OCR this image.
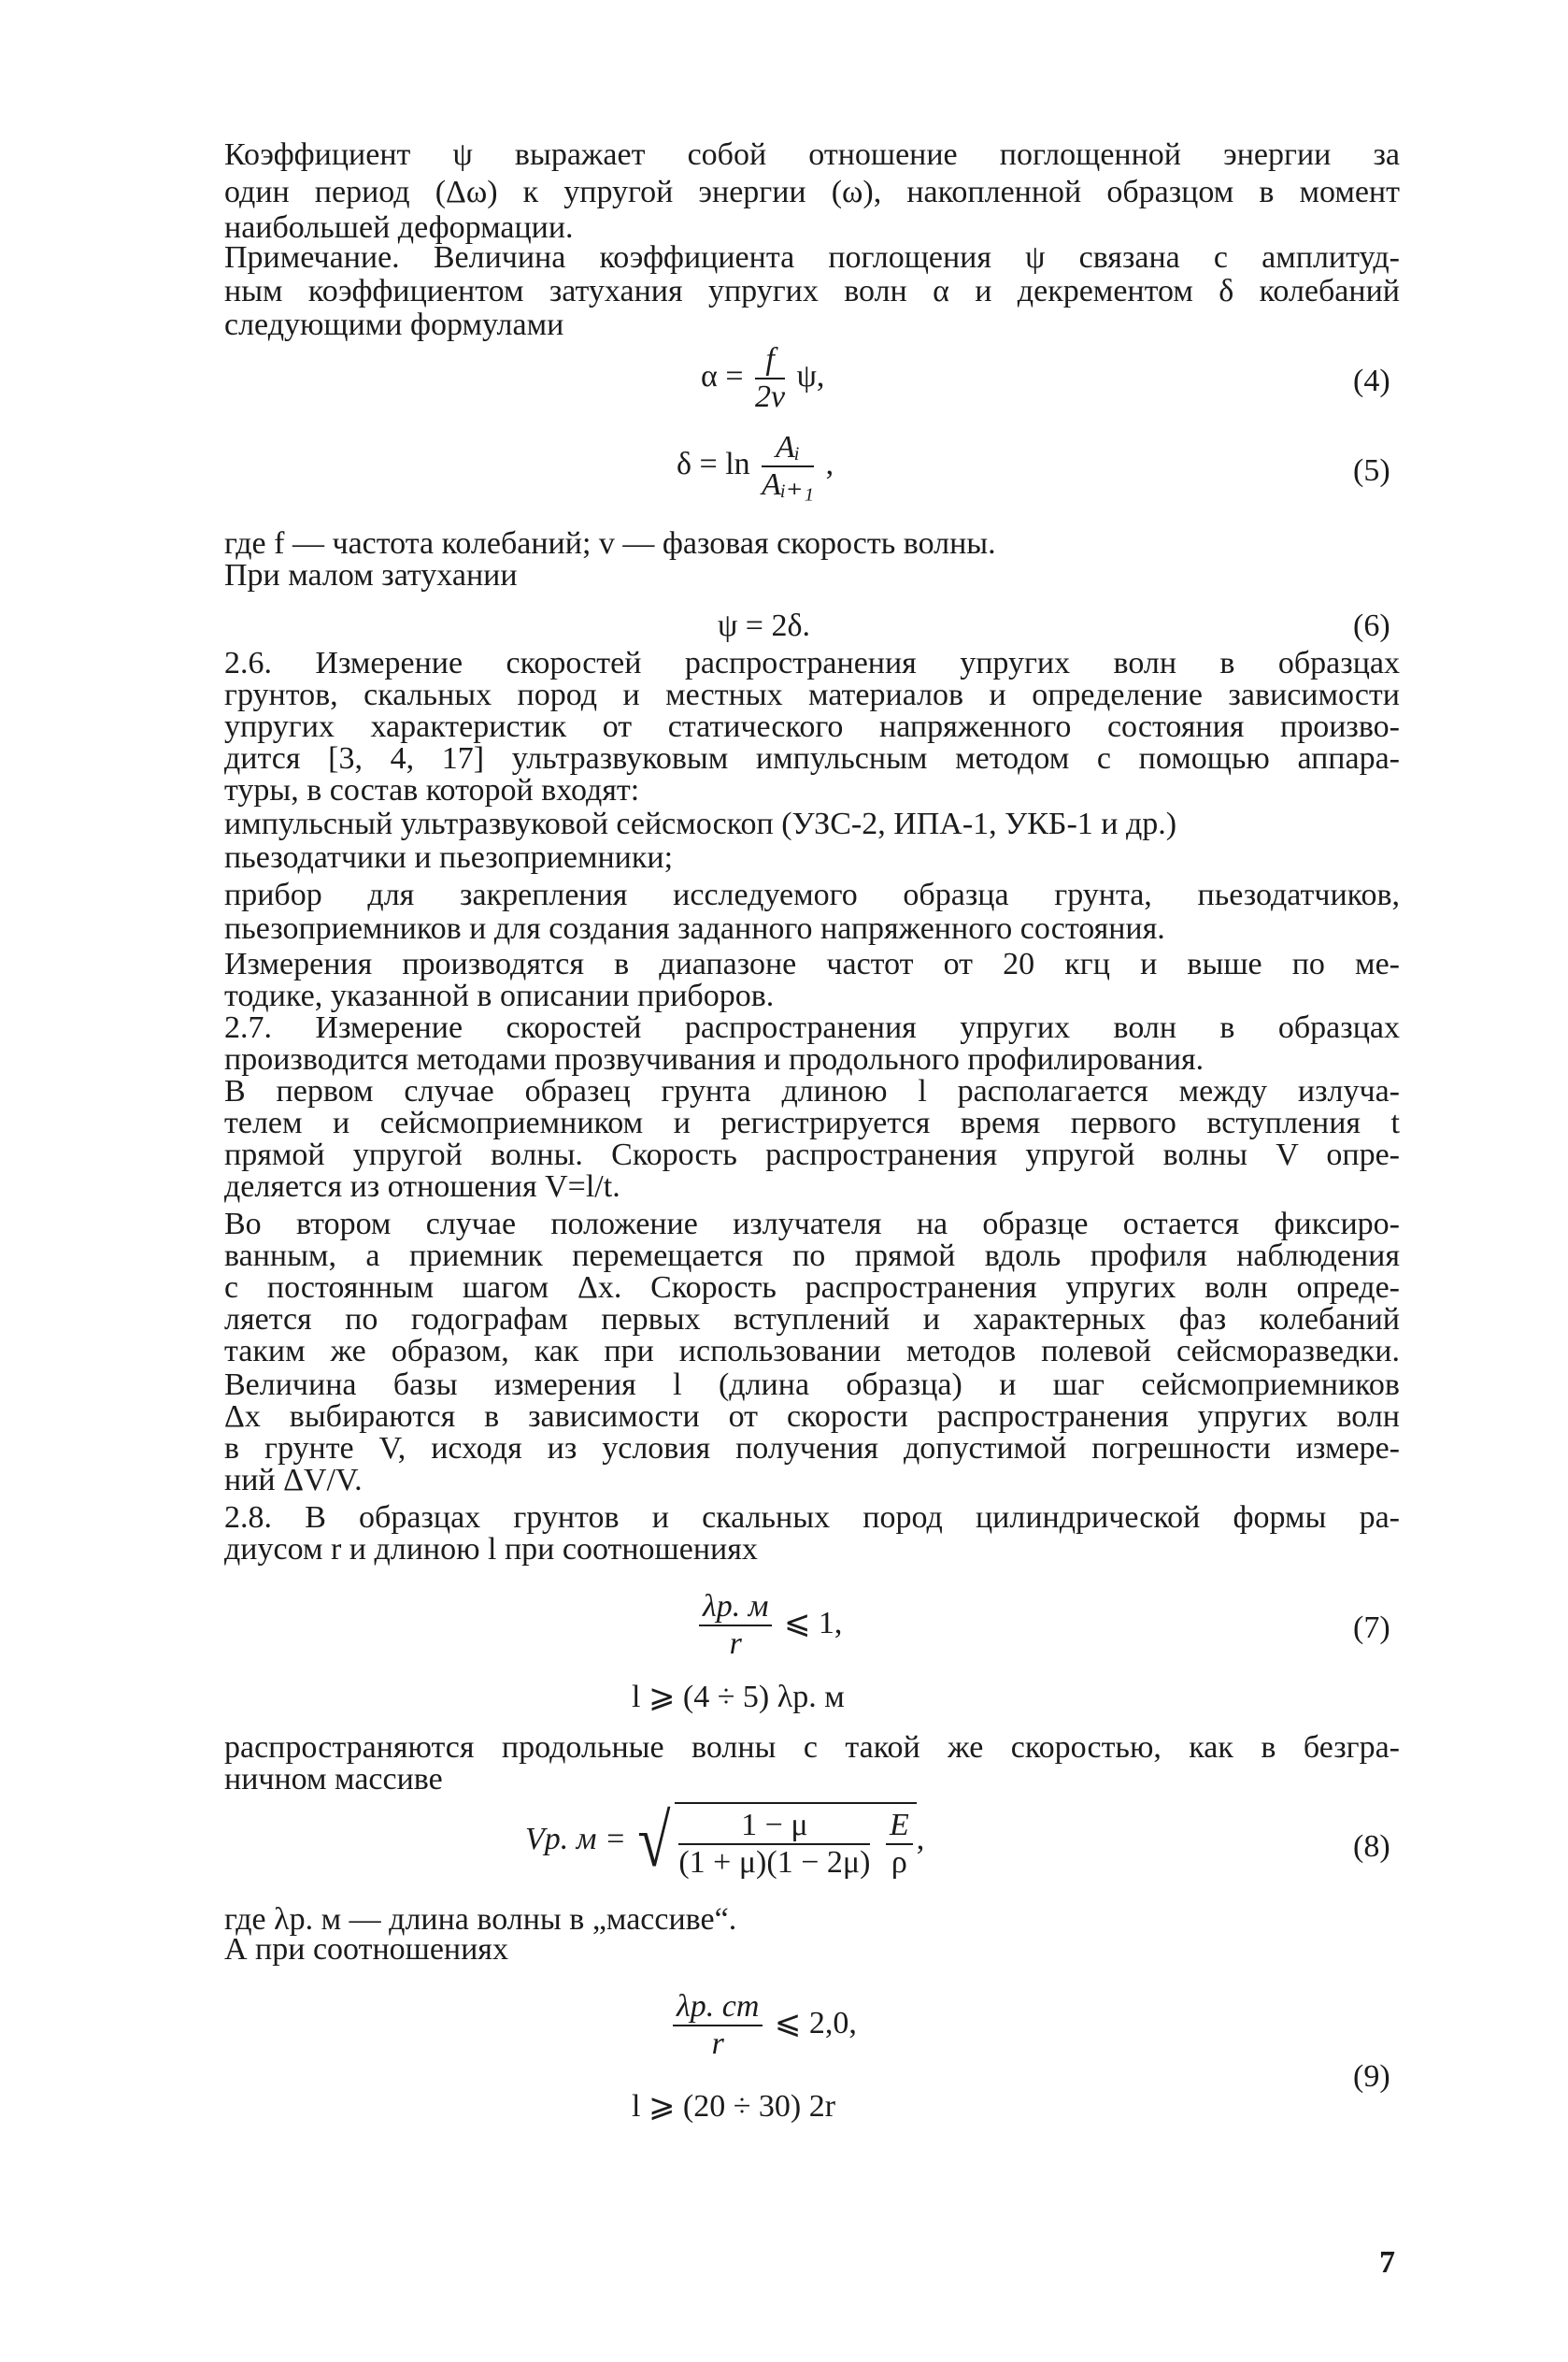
Коэффициент ψ выражает собой отношение поглощенной энергии за
один период (Δω) к упругой энергии (ω), накопленной образцом в момент
наибольшей деформации.
Примечание. Величина коэффициента поглощения ψ связана с амплитуд-
ным коэффициентом затухания упругих волн α и декрементом δ колебаний
следующими формулами
$\alpha = \frac{f}{2v} \psi$,	(4)
$\delta = \ln \frac{\text{Aᵢ}}{\text{Aᵢ₊₁}}$ ,	(5)
где f — частота колебаний; v — фазовая скорость волны.
При малом затухании
ψ = 2δ.	(6)
2.6. Измерение скоростей распространения упругих волн в образцах
грунтов, скальных пород и местных материалов и определение зависимости
упругих характеристик от статического напряженного состояния произво-
дится [3, 4, 17] ультразвуковым импульсным методом с помощью аппара-
туры, в состав которой входят:
импульсный ультразвуковой сейсмоскоп (УЗС-2, ИПА-1, УКБ-1 и др.)
пьезодатчики и пьезоприемники;
прибор для закрепления исследуемого образца грунта, пьезодатчиков,
пьезоприемников и для создания заданного напряженного состояния.
Измерения производятся в диапазоне частот от 20 кгц и выше по ме-
тодике, указанной в описании приборов.
2.7. Измерение скоростей распространения упругих волн в образцах
производится методами прозвучивания и продольного профилирования.
В первом случае образец грунта длиною l располагается между излуча-
телем и сейсмоприемником и регистрируется время первого вступления t
прямой упругой волны. Скорость распространения упругой волны V опре-
деляется из отношения V=l/t.
Во втором случае положение излучателя на образце остается фиксиро-
ванным, а приемник перемещается по прямой вдоль профиля наблюдения
с постоянным шагом Δx. Скорость распространения упругих волн опреде-
ляется по годографам первых вступлений и характерных фаз колебаний
таким же образом, как при использовании методов полевой сейсморазведки.
Величина базы измерения l (длина образца) и шаг сейсмоприемников
Δx выбираются в зависимости от скорости распространения упругих волн
в грунте V, исходя из условия получения допустимой погрешности измере-
ний ΔV/V.
2.8. В образцах грунтов и скальных пород цилиндрической формы ра-
диусом r и длиною l при соотношениях
$\frac{\lambda р. м}{r}$ ⩽ 1,	(7)
l ⩾ (4 ÷ 5) λр. м
распространяются продольные волны с такой же скоростью, как в безгра-
ничном массиве
Vр. м = √ $\frac{1 - \mu}{(1 + \mu)(1 - 2\mu)}$
$\frac{E}{\rho}$ ,	(8)
где λр. м — длина волны в „массиве“.
А при соотношениях
$\frac{\lambda р. ст}{r}$ ⩽ 2,0,
l ⩾ (20 ÷ 30) 2r
(9)
7
